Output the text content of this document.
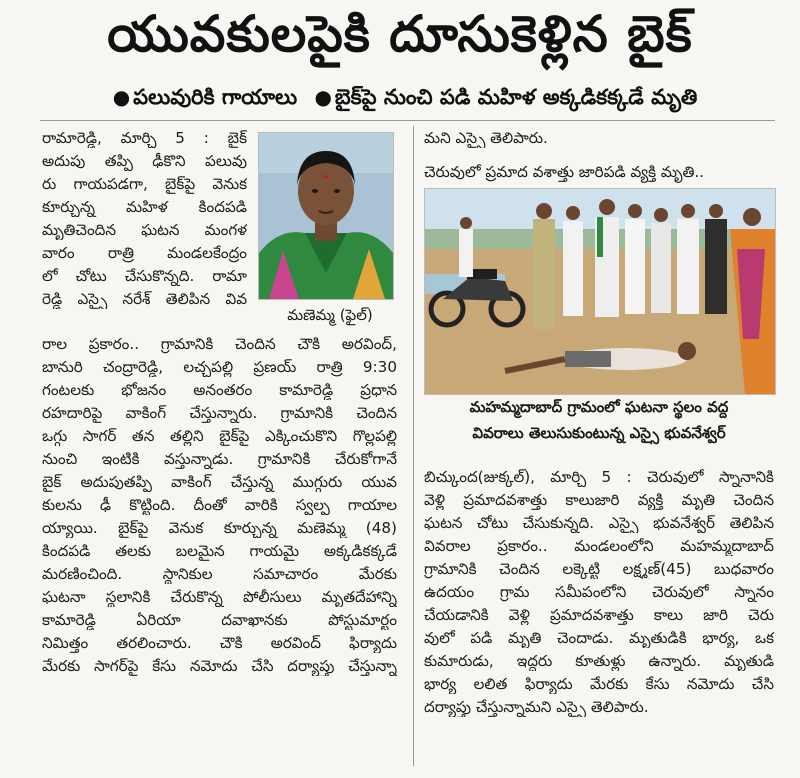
యువకులపైకి దూసుకెళ్లిన బైక్
● పలువురికి గాయాలు ● బైక్‌పై నుంచి పడి మహిళ అక్కడికక్కడే మృతి
రామారెడ్డి, మార్చి 5 : బైక్
అదుపు తప్పి ఢీకొని పలువు
రు గాయపడగా, బైక్‌పై వెనుక
కూర్చున్న మహిళ కిందపడి
మృతిచెందిన ఘటన మంగళ
వారం రాత్రి మండలకేంద్రం
లో చోటు చేసుకొన్నది. రామా
రెడ్డి ఎస్సై నరేశ్ తెలిపిన వివ
మణెమ్మ (ఫైల్)
రాల ప్రకారం.. గ్రామానికి చెందిన చౌకి అరవింద్,
బానురి చంద్రారెడ్డి, లచ్చపల్లి ప్రణయ్ రాత్రి 9:30
గంటలకు భోజనం అనంతరం కామారెడ్డి ప్రధాన
రహదారిపై వాకింగ్ చేస్తున్నారు. గ్రామానికి చెందిన
ఒగ్గు సాగర్ తన తల్లిని బైక్‌పై ఎక్కించుకొని గొల్లపల్లి
నుంచి ఇంటికి వస్తున్నాడు. గ్రామానికి చేరుకోగానే
బైక్ అదుపుతప్పి వాకింగ్ చేస్తున్న ముగ్గురు యువ
కులను ఢీ కొట్టింది. దీంతో వారికి స్వల్ప గాయాల
య్యాయి. బైక్‌పై వెనుక కూర్చున్న మణెమ్మ (48)
కిందపడి తలకు బలమైన గాయమై అక్కడికక్కడే
మరణించింది. స్థానికుల సమాచారం మేరకు
ఘటనా స్థలానికి చేరుకొన్న పోలీసులు మృతదేహాన్ని
కామారెడ్డి ఏరియా దవాఖానకు పోస్టుమార్టం
నిమిత్తం తరలించారు. చౌకి అరవింద్ ఫిర్యాదు
మేరకు సాగర్‌పై కేసు నమోదు చేసి దర్యాప్తు చేస్తున్నా
మని ఎస్సై తెలిపారు.
చెరువులో ప్రమాద వశాత్తు జారిపడి వ్యక్తి మృతి..
మహమ్మదాబాద్ గ్రామంలో ఘటనా స్థలం వద్ద
వివరాలు తెలుసుకుంటున్న ఎస్సై భువనేశ్వర్
బిచ్కుంద(జుక్కల్), మార్చి 5 : చెరువులో స్నానానికి
వెళ్లి ప్రమాదవశాత్తు కాలుజారి వ్యక్తి మృతి చెందిన
ఘటన చోటు చేసుకున్నది. ఎస్సై భువనేశ్వర్ తెలిపిన
వివరాల ప్రకారం.. మండలంలోని మహమ్మదాబాద్
గ్రామానికి చెందిన లక్కెట్టి లక్ష్మణ్(45) బుధవారం
ఉదయం గ్రామ సమీపంలోని చెరువులో స్నానం
చేయడానికి వెళ్లి ప్రమాదవశాత్తు కాలు జారి చెరు
వులో పడి మృతి చెందాడు. మృతుడికి భార్య, ఒక
కుమారుడు, ఇద్దరు కూతుళ్లు ఉన్నారు. మృతుడి
భార్య లలిత ఫిర్యాదు మేరకు కేసు నమోదు చేసి
దర్యాప్తు చేస్తున్నామని ఎస్సై తెలిపారు.
